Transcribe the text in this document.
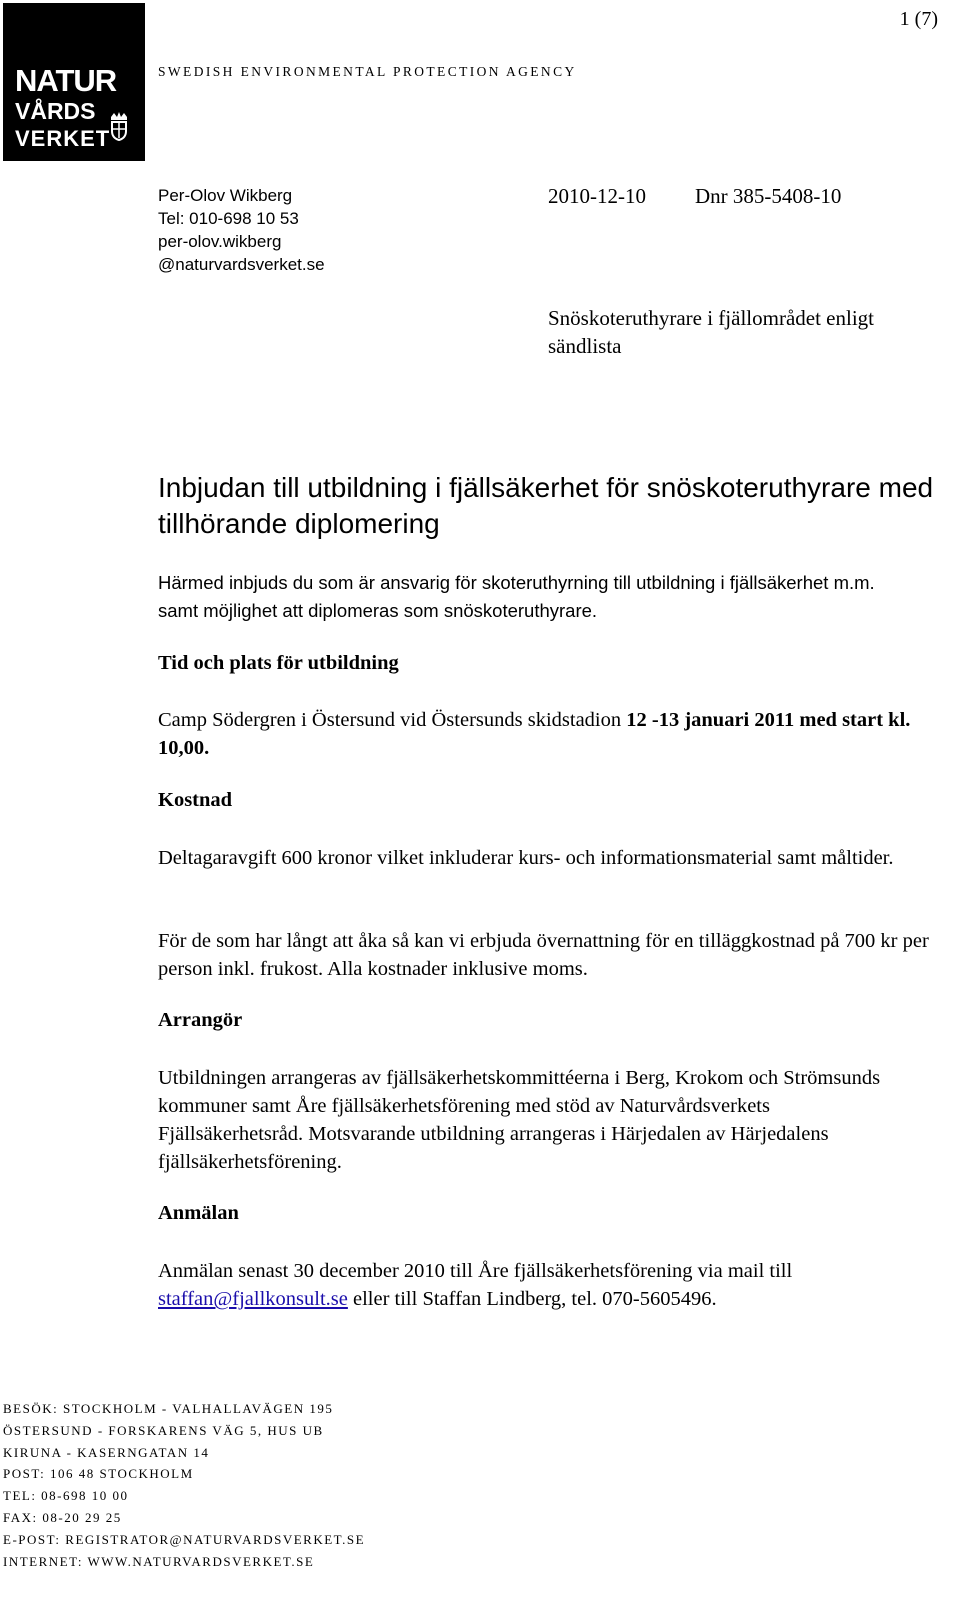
NATUR
VÅRDS
VERKET
1 (7)
SWEDISH ENVIRONMENTAL PROTECTION AGENCY
Per-Olov Wikberg
Tel: 010-698 10 53
per-olov.wikberg
@naturvardsverket.se
2010-12-10 Dnr 385-5408-10
Snöskoteruthyrare i fjällområdet enligt sändlista
Inbjudan till utbildning i fjällsäkerhet för snöskoteruthyrare med tillhörande diplomering
Härmed inbjuds du som är ansvarig för skoteruthyrning till utbildning i fjällsäkerhet m.m. samt möjlighet att diplomeras som snöskoteruthyrare.
Tid och plats för utbildning
Camp Södergren i Östersund vid Östersunds skidstadion 12 -13 januari 2011 med start kl. 10,00.
Kostnad
Deltagaravgift 600 kronor vilket inkluderar kurs- och informationsmaterial samt måltider.
För de som har långt att åka så kan vi erbjuda övernattning för en tilläggkostnad på 700 kr per person inkl. frukost. Alla kostnader inklusive moms.
Arrangör
Utbildningen arrangeras av fjällsäkerhetskommittéerna i Berg, Krokom och Strömsunds kommuner samt Åre fjällsäkerhetsförening med stöd av Naturvårdsverkets Fjällsäkerhetsråd. Motsvarande utbildning arrangeras i Härjedalen av Härjedalens fjällsäkerhetsförening.
Anmälan
Anmälan senast 30 december 2010 till Åre fjällsäkerhetsförening via mail till staffan@fjallkonsult.se eller till Staffan Lindberg, tel. 070-5605496.
BESÖK: STOCKHOLM - VALHALLAVÄGEN 195
ÖSTERSUND - FORSKARENS VÄG 5, HUS UB
KIRUNA - KASERNGATAN 14
POST: 106 48 STOCKHOLM
TEL: 08-698 10 00
FAX: 08-20 29 25
E-POST: REGISTRATOR@NATURVARDSVERKET.SE
INTERNET: WWW.NATURVARDSVERKET.SE
